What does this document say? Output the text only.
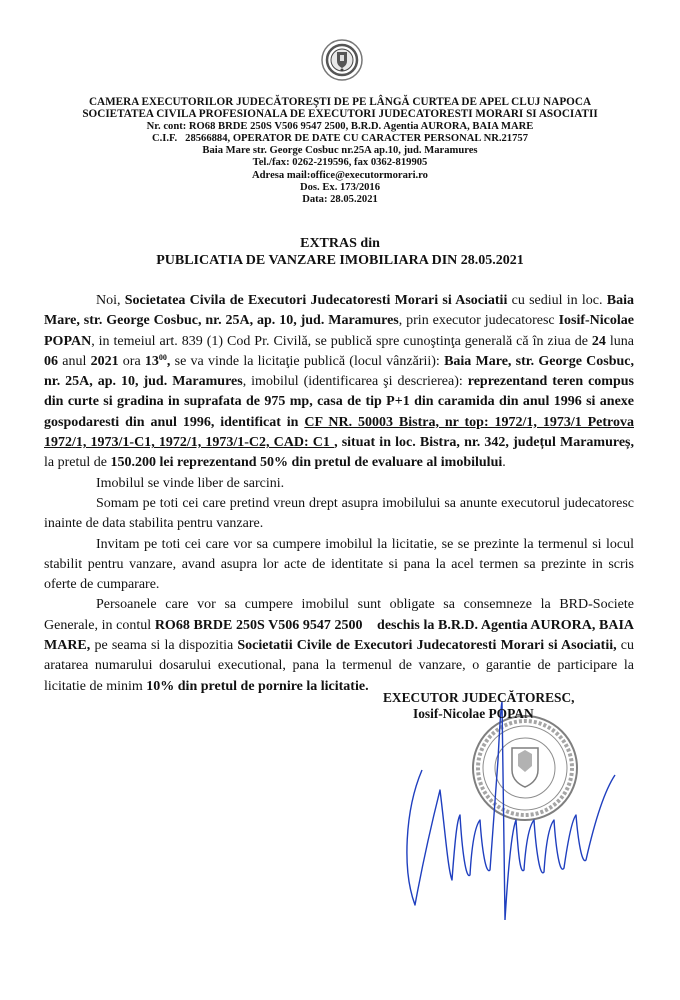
CAMERA EXECUTORILOR JUDECĂTOREŞTI DE PE LÂNGĂ CURTEA DE APEL CLUJ NAPOCA
SOCIETATEA CIVILA PROFESIONALA DE EXECUTORI JUDECATORESTI MORARI SI ASOCIATII
Nr. cont: RO68 BRDE 250S V506 9547 2500, B.R.D. Agentia AURORA, BAIA MARE
C.I.F.   28566884, OPERATOR DE DATE CU CARACTER PERSONAL NR.21757
Baia Mare str. George Cosbuc nr.25A ap.10, jud. Maramures
Tel./fax: 0262-219596, fax 0362-819905
Adresa mail:office@executormorari.ro
Dos. Ex. 173/2016
Data: 28.05.2021
EXTRAS din
PUBLICATIA DE VANZARE IMOBILIARA DIN 28.05.2021

Noi, Societatea Civila de Executori Judecatoresti Morari si Asociatii cu sediul in loc. Baia Mare, str. George Cosbuc, nr. 25A, ap. 10, jud. Maramures, prin executor judecatoresc Iosif-Nicolae POPAN, in temeiul art. 839 (1) Cod Pr. Civilă, se publică spre cunoştinţa generală că în ziua de 24 luna 06 anul 2021 ora $13^{00}$, se va vinde la licitaţie publică (locul vânzării): Baia Mare, str. George Cosbuc, nr. 25A, ap. 10, jud. Maramures, imobilul (identificarea şi descrierea): reprezentand teren compus din curte si gradina in suprafata de 975 mp, casa de tip P+1 din caramida din anul 1996 si anexe gospodaresti din anul 1996, identificat in CF NR. 50003 Bistra, nr top: 1972/1, 1973/1 Petrova 1972/1, 1973/1-C1, 1972/1, 1973/1-C2, CAD: C1 , situat in loc. Bistra, nr. 342, județul Maramureș, la pretul de 150.200 lei reprezentand 50% din pretul de evaluare al imobilului.

Imobilul se vinde liber de sarcini.

Somam pe toti cei care pretind vreun drept asupra imobilului sa anunte executorul judecatoresc inainte de data stabilita pentru vanzare.

Invitam pe toti cei care vor sa cumpere imobilul la licitatie, se se prezinte la termenul si locul stabilit pentru vanzare, avand asupra lor acte de identitate si pana la acel termen sa prezinte in scris oferte de cumparare.

Persoanele care vor sa cumpere imobilul sunt obligate sa consemneze la BRD-Societe Generale, in contul RO68 BRDE 250S V506 9547 2500    deschis la B.R.D. Agentia AURORA, BAIA MARE, pe seama si la dispozitia Societatii Civile de Executori Judecatoresti Morari si Asociatii, cu aratarea numarului dosarului executional, pana la termenul de vanzare, o garantie de participare la licitatie de minim 10% din pretul de pornire la licitatie.

EXECUTOR JUDECĂTORESC,
Iosif-Nicolae POPAN
